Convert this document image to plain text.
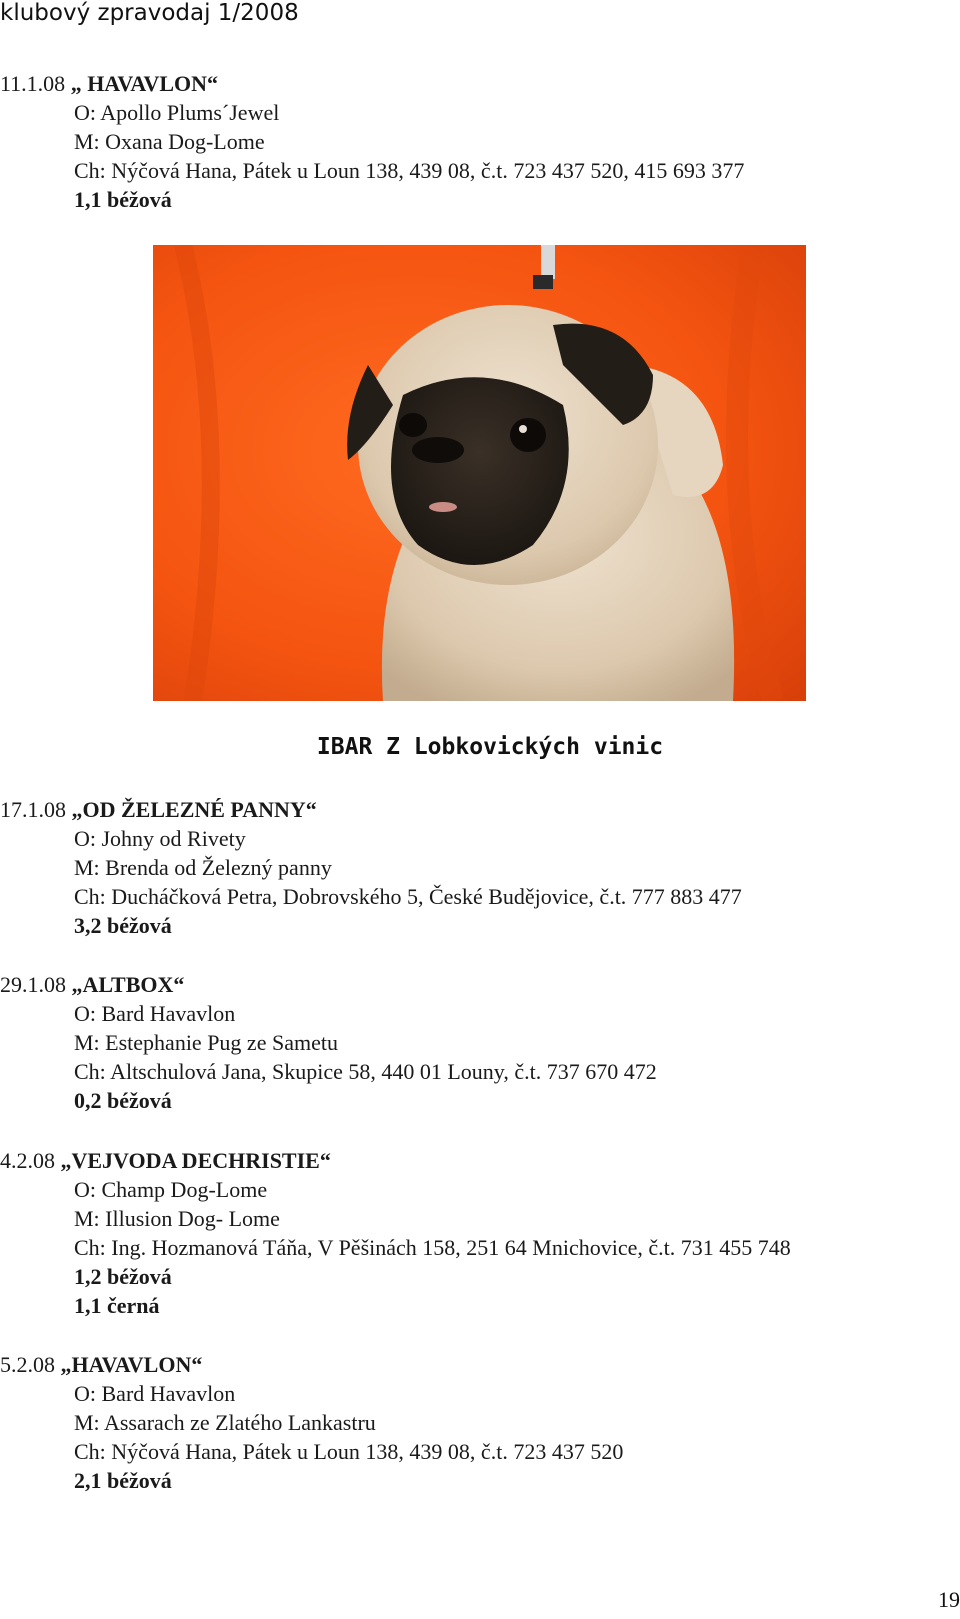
klubový zpravodaj 1/2008
11.1.08 „ HAVAVLON“
O: Apollo Plums´Jewel
M: Oxana Dog-Lome
Ch: Nýčová Hana, Pátek u Loun 138, 439 08, č.t. 723 437 520, 415 693 377
1,1 béžová
IBAR Z Lobkovických vinic
17.1.08 „OD ŽELEZNÉ PANNY“
O: Johny od Rivety
M: Brenda od Železný panny
Ch: Ducháčková Petra, Dobrovského 5, České Budějovice, č.t. 777 883 477
3,2 béžová
29.1.08 „ALTBOX“
O: Bard Havavlon
M: Estephanie Pug ze Sametu
Ch: Altschulová Jana, Skupice 58, 440 01 Louny, č.t. 737 670 472
0,2 béžová
4.2.08 „VEJVODA DECHRISTIE“
O: Champ Dog-Lome
M: Illusion Dog- Lome
Ch: Ing. Hozmanová Táňa, V Pěšinách 158, 251 64 Mnichovice, č.t. 731 455 748
1,2 béžová
1,1 černá
5.2.08 „HAVAVLON“
O: Bard Havavlon
M: Assarach ze Zlatého Lankastru
Ch: Nýčová Hana, Pátek u Loun 138, 439 08, č.t. 723 437 520
2,1 béžová
19
